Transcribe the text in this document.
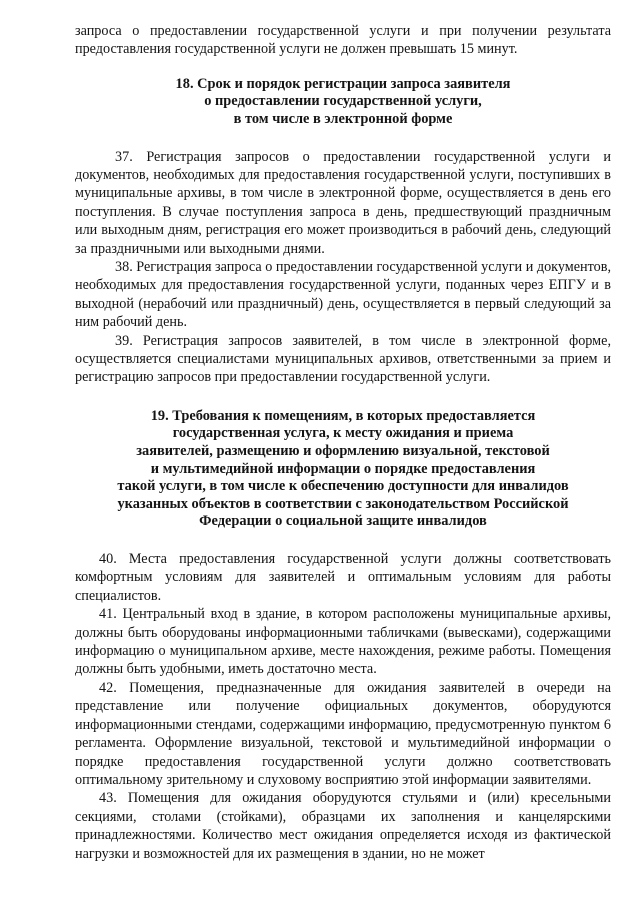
запроса о предоставлении государственной услуги и при получении результата предоставления государственной услуги не должен превышать 15 минут.

18. Срок и порядок регистрации запроса заявителя
о предоставлении государственной услуги,
в том числе в электронной форме

37. Регистрация запросов о предоставлении государственной услуги и документов, необходимых для предоставления государственной услуги, поступивших в муниципальные архивы, в том числе в электронной форме, осуществляется в день его поступления. В случае поступления запроса в день, предшествующий праздничным или выходным дням, регистрация его может производиться в рабочий день, следующий за праздничными или выходными днями.

38. Регистрация запроса о предоставлении государственной услуги и документов, необходимых для предоставления государственной услуги, поданных через ЕПГУ и в выходной (нерабочий или праздничный) день, осуществляется в первый следующий за ним рабочий день.

39. Регистрация запросов заявителей, в том числе в электронной форме, осуществляется специалистами муниципальных архивов, ответственными за прием и регистрацию запросов при предоставлении государственной услуги.

19. Требования к помещениям, в которых предоставляется
государственная услуга, к месту ожидания и приема
заявителей, размещению и оформлению визуальной, текстовой
и мультимедийной информации о порядке предоставления
такой услуги, в том числе к обеспечению доступности для инвалидов
указанных объектов в соответствии с законодательством Российской
Федерации о социальной защите инвалидов

40. Места предоставления государственной услуги должны соответствовать комфортным условиям для заявителей и оптимальным условиям для работы специалистов.

41. Центральный вход в здание, в котором расположены муниципальные архивы, должны быть оборудованы информационными табличками (вывесками), содержащими информацию о муниципальном архиве, месте нахождения, режиме работы. Помещения должны быть удобными, иметь достаточно места.

42. Помещения, предназначенные для ожидания заявителей в очереди на представление или получение официальных документов, оборудуются информационными стендами, содержащими информацию, предусмотренную пунктом 6 регламента. Оформление визуальной, текстовой и мультимедийной информации о порядке предоставления государственной услуги должно соответствовать оптимальному зрительному и слуховому восприятию этой информации заявителями.

43. Помещения для ожидания оборудуются стульями и (или) кресельными секциями, столами (стойками), образцами их заполнения и канцелярскими принадлежностями. Количество мест ожидания определяется исходя из фактической нагрузки и возможностей для их размещения в здании, но не может
